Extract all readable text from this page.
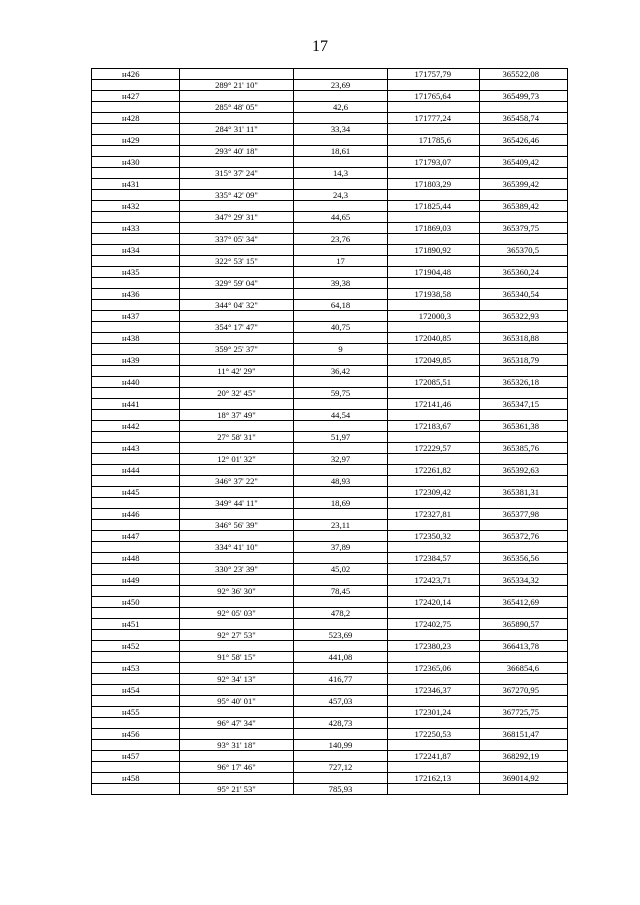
17
н426			171757,79	365522,08
	289° 21' 10"	23,69		
н427			171765,64	365499,73
	285° 48' 05"	42,6		
н428			171777,24	365458,74
	284° 31' 11"	33,34		
н429			171785,6	365426,46
	293° 40' 18"	18,61		
н430			171793,07	365409,42
	315° 37' 24"	14,3		
н431			171803,29	365399,42
	335° 42' 09"	24,3		
н432			171825,44	365389,42
	347° 29' 31"	44,65		
н433			171869,03	365379,75
	337° 05' 34"	23,76		
н434			171890,92	365370,5
	322° 53' 15"	17		
н435			171904,48	365360,24
	329° 59' 04"	39,38		
н436			171938,58	365340,54
	344° 04' 32"	64,18		
н437			172000,3	365322,93
	354° 17' 47"	40,75		
н438			172040,85	365318,88
	359° 25' 37"	9		
н439			172049,85	365318,79
	11° 42' 29"	36,42		
н440			172085,51	365326,18
	20° 32' 45"	59,75		
н441			172141,46	365347,15
	18° 37' 49"	44,54		
н442			172183,67	365361,38
	27° 58' 31"	51,97		
н443			172229,57	365385,76
	12° 01' 32"	32,97		
н444			172261,82	365392,63
	346° 37' 22"	48,93		
н445			172309,42	365381,31
	349° 44' 11"	18,69		
н446			172327,81	365377,98
	346° 56' 39"	23,11		
н447			172350,32	365372,76
	334° 41' 10"	37,89		
н448			172384,57	365356,56
	330° 23' 39"	45,02		
н449			172423,71	365334,32
	92° 36' 30"	78,45		
н450			172420,14	365412,69
	92° 05' 03"	478,2		
н451			172402,75	365890,57
	92° 27' 53"	523,69		
н452			172380,23	366413,78
	91° 58' 15"	441,08		
н453			172365,06	366854,6
	92° 34' 13"	416,77		
н454			172346,37	367270,95
	95° 40' 01"	457,03		
н455			172301,24	367725,75
	96° 47' 34"	428,73		
н456			172250,53	368151,47
	93° 31' 18"	140,99		
н457			172241,87	368292,19
	96° 17' 46"	727,12		
н458			172162,13	369014,92
	95° 21' 53"	785,93		
